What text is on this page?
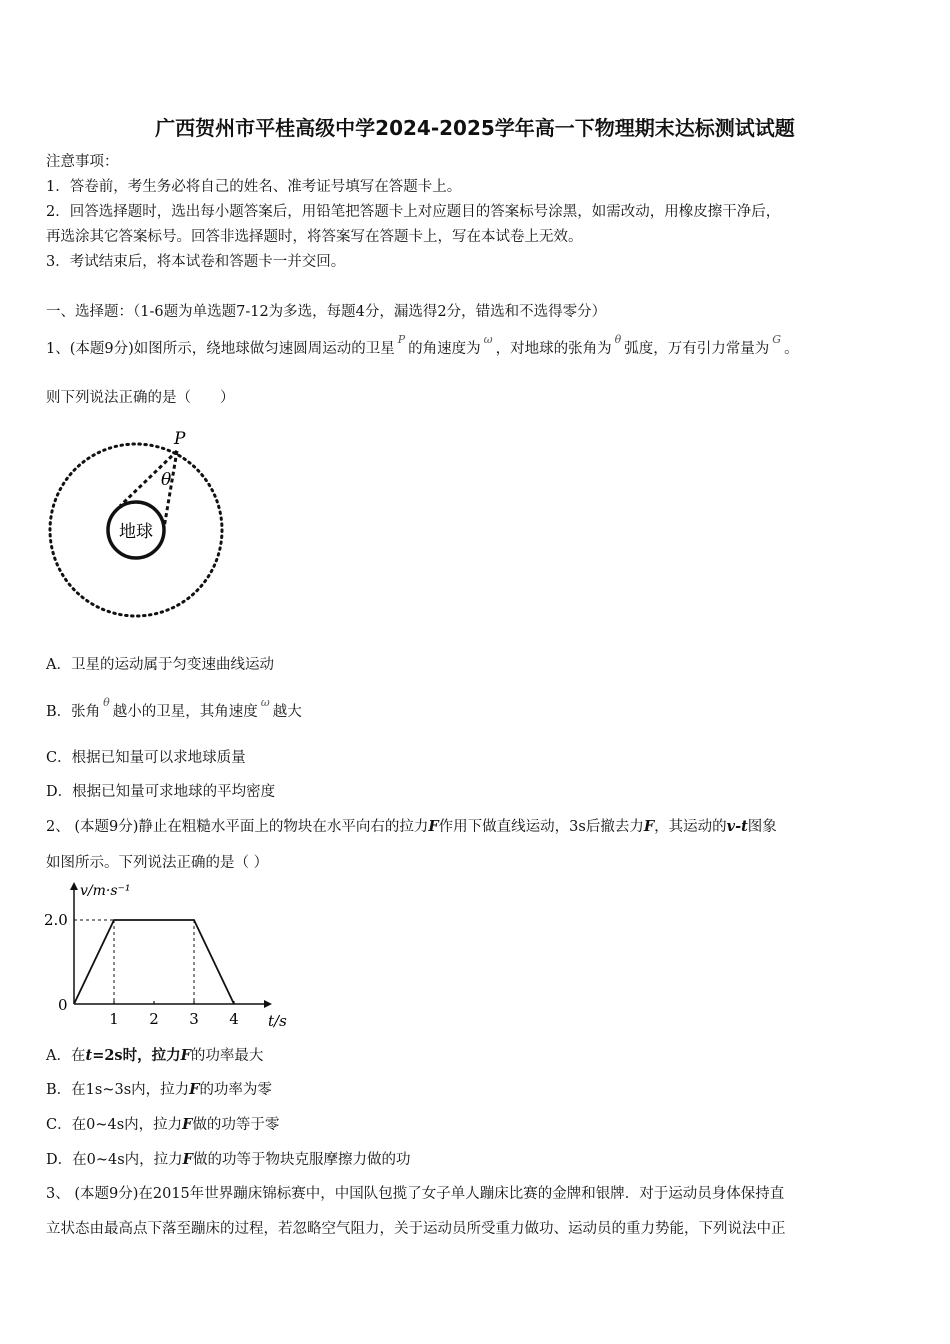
广西贺州市平桂高级中学2024-2025学年高一下物理期末达标测试试题
注意事项：
1．答卷前，考生务必将自己的姓名、准考证号填写在答题卡上。
2．回答选择题时，选出每小题答案后，用铅笔把答题卡上对应题目的答案标号涂黑，如需改动，用橡皮擦干净后，
再选涂其它答案标号。回答非选择题时，将答案写在答题卡上，写在本试卷上无效。
3．考试结束后，将本试卷和答题卡一并交回。
一、选择题：（1-6题为单选题7-12为多选，每题4分，漏选得2分，错选和不选得零分）
1、(本题9分)如图所示，绕地球做匀速圆周运动的卫星$^P$的角速度为$^\omega$，对地球的张角为$^\theta$弧度，万有引力常量为$^G$。
则下列说法正确的是（　　）
地球
P
θ
A．卫星的运动属于匀变速曲线运动
B．张角$^\theta$越小的卫星，其角速度$^\omega$越大
C．根据已知量可以求地球质量
D．根据已知量可求地球的平均密度
2、 (本题9分)静止在粗糙水平面上的物块在水平向右的拉力F作用下做直线运动，3s后撤去力F，其运动的v-t图象
如图所示。下列说法正确的是（ ）
1 2 3 4
2.0
0
v/m·s⁻¹
t/s
A．在t=2s时，拉力F的功率最大
B．在1s~3s内，拉力F的功率为零
C．在0~4s内，拉力F做的功等于零
D．在0~4s内，拉力F做的功等于物块克服摩擦力做的功
3、 (本题9分)在2015年世界蹦床锦标赛中，中国队包揽了女子单人蹦床比赛的金牌和银牌．对于运动员身体保持直
立状态由最高点下落至蹦床的过程，若忽略空气阻力，关于运动员所受重力做功、运动员的重力势能，下列说法中正
